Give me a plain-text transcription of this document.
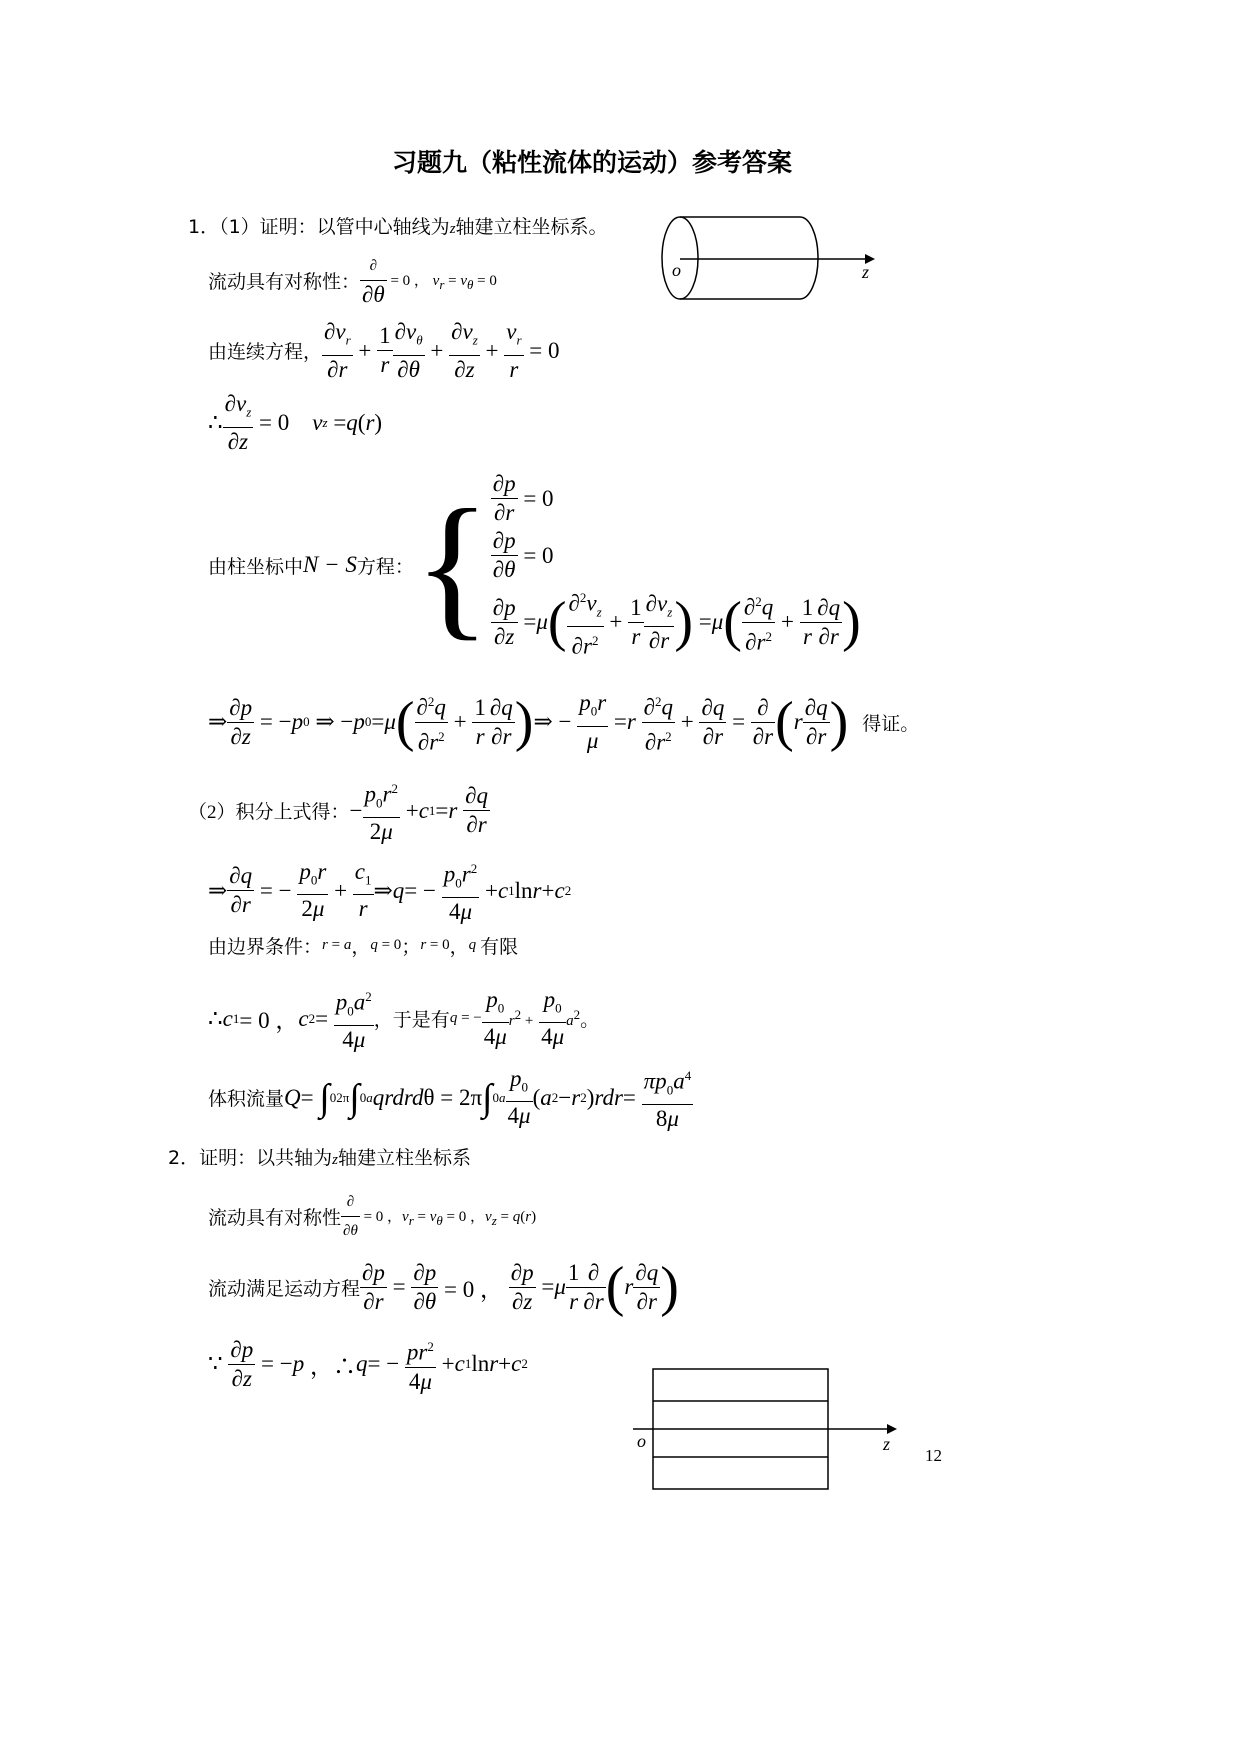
习题九（粘性流体的运动）参考答案
1．（1）证明：以管中心轴线为z轴建立柱坐标系。
流动具有对称性： $\frac{\partial}{\partial\theta} = 0$ ， $v_r = v_\theta = 0$
o	z
由连续方程， $\frac{\partial v_r}{\partial r} + \frac{1}{r} \frac{\partial v_\theta}{\partial\theta} + \frac{\partial v_z}{\partial z} + \frac{v_r}{r} = 0$
∴ $\frac{\partial v_z}{\partial z} = 0$ v z = q ( r )
由柱坐标中 N − S 方程： { $\frac{\partial p}{\partial r} = 0$
$\frac{\partial p}{\partial\theta} = 0$
$\frac{\partial p}{\partial z} = \mu$ ( $\frac{\partial^2v_z}{\partial r^2} + \frac{1}{r} \frac{\partial v_z}{\partial r}$ ) = μ ( $\frac{\partial^2q}{\partial r^2} + \frac{1}{r} \frac{\partial q}{\partial r}$ )
⇒ $\frac{\partial p}{\partial z}$ = − p 0 ⇒ − p 0 = μ ( $\frac{\partial^2q}{\partial r^2} + \frac{1}{r} \frac{\partial q}{\partial r}$ ) ⇒ − $\frac{p_0r}{\mu} = r$
$\frac{\partial^2q}{\partial r^2} + \frac{\partial q}{\partial r} = \frac{\partial}{\partial r}$ ( r $\frac{\partial q}{\partial r}$ ) 得证。
（2）积分上式得： − $\frac{p_0r^2}{2\mu} + c$ 1 = r
$\frac{\partial q}{\partial r}$
⇒ $\frac{\partial q}{\partial r}$ = − $\frac{p_0r}{2\mu} + \frac{c_1}{r}$ ⇒ q = − $\frac{p_0r^2}{4\mu} + c$ 1 ln r + c 2
由边界条件： r = a ， q = 0 ； r = 0 ， q 有限
∴ c 1 = 0 ， c $2 = \frac{p_0a^2}{4\mu}$ ，于是有 q = − $\frac{p_0}{4\mu} r^2$ +
$\frac{p_0}{4\mu} a^2$ 。
体积流量 Q = ∫ 0 2π ∫ 0 a qrdrd θ = 2π ∫ 0 a $\frac{p_0}{4\mu}$ ( a 2 − r 2 ) rdr = $\frac{\pi p_0a^4}{8\mu}$
2．证明：以共轴为z轴建立柱坐标系
流动具有对称性 $\frac{\partial}{\partial\theta} = 0$ ，$v_r = v_\theta = 0$ ，$v_z = q(r)$
流动满足运动方程 $\frac{\partial p}{\partial r} = \frac{\partial p}{\partial\theta} = 0$ ， $\frac{\partial p}{\partial z} = \mu \frac{1}{r} \frac{\partial}{\partial r}$ ( r $\frac{\partial q}{\partial r}$ )
∵ $\frac{\partial p}{\partial z}$ = − p ，∴ q = − $\frac{pr^2}{4\mu} + c$ 1 ln r + c 2
o	z
12
